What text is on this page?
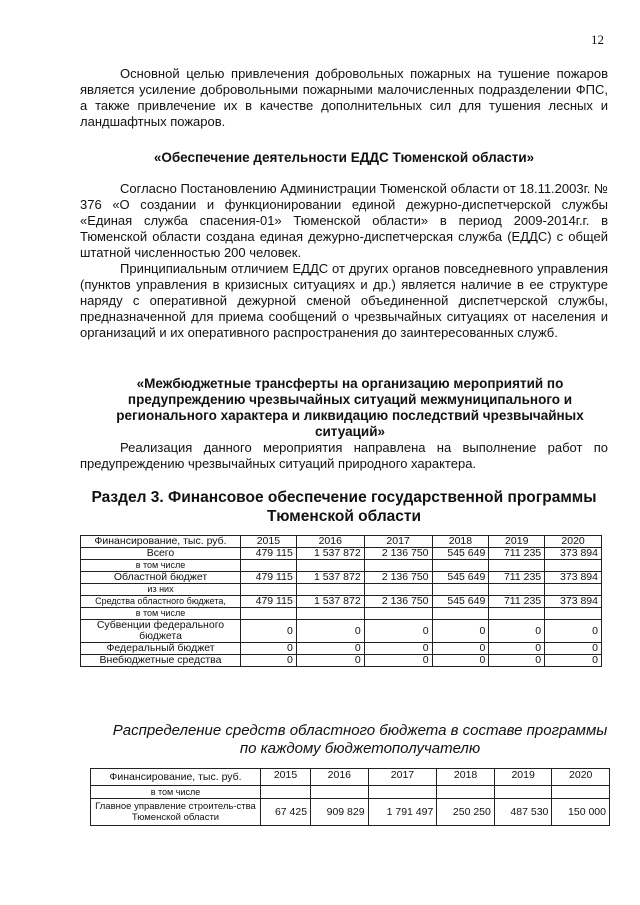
12
Основной целью привлечения добровольных пожарных на тушение пожаров является усиление добровольными пожарными малочисленных подразделении ФПС, а также привлечение их в качестве дополнительных сил для тушения лесных и ландшафтных пожаров.
«Обеспечение деятельности ЕДДС Тюменской области»
Согласно Постановлению Администрации Тюменской области от 18.11.2003г. № 376 «О создании и функционировании единой дежурно-диспетчерской службы «Единая служба спасения-01» Тюменской области» в период 2009-2014г.г. в Тюменской области создана единая дежурно-диспетчерская служба (ЕДДС) с общей штатной численностью 200 человек.
Принципиальным отличием ЕДДС от других органов повседневного управления (пунктов управления в кризисных ситуациях и др.) является наличие в ее структуре наряду с оперативной дежурной сменой объединенной диспетчерской службы, предназначенной для приема сообщений о чрезвычайных ситуациях от населения и организаций и их оперативного распространения до заинтересованных служб.
«Межбюджетные трансферты на организацию мероприятий по предупреждению чрезвычайных ситуаций межмуниципального и регионального характера и ликвидацию последствий чрезвычайных ситуаций»
Реализация данного мероприятия направлена на выполнение работ по предупреждению чрезвычайных ситуаций природного характера.
Раздел 3. Финансовое обеспечение государственной программы Тюменской области
Финансирование, тыс. руб.	2015	2016	2017	2018	2019	2020
Всего	479 115	1 537 872	2 136 750	545 649	711 235	373 894
в том числе						
Областной бюджет	479 115	1 537 872	2 136 750	545 649	711 235	373 894
из них						
Средства областного бюджета,	479 115	1 537 872	2 136 750	545 649	711 235	373 894
в том числе						
Субвенции федерального бюджета	0	0	0	0	0	0
Федеральный бюджет	0	0	0	0	0	0
Внебюджетные средства	0	0	0	0	0	0
Распределение средств областного бюджета в составе программы по каждому бюджетополучателю
Финансирование, тыс. руб.	2015	2016	2017	2018	2019	2020
в том числе						
Главное управление строитель-ства Тюменской области	67 425	909 829	1 791 497	250 250	487 530	150 000
